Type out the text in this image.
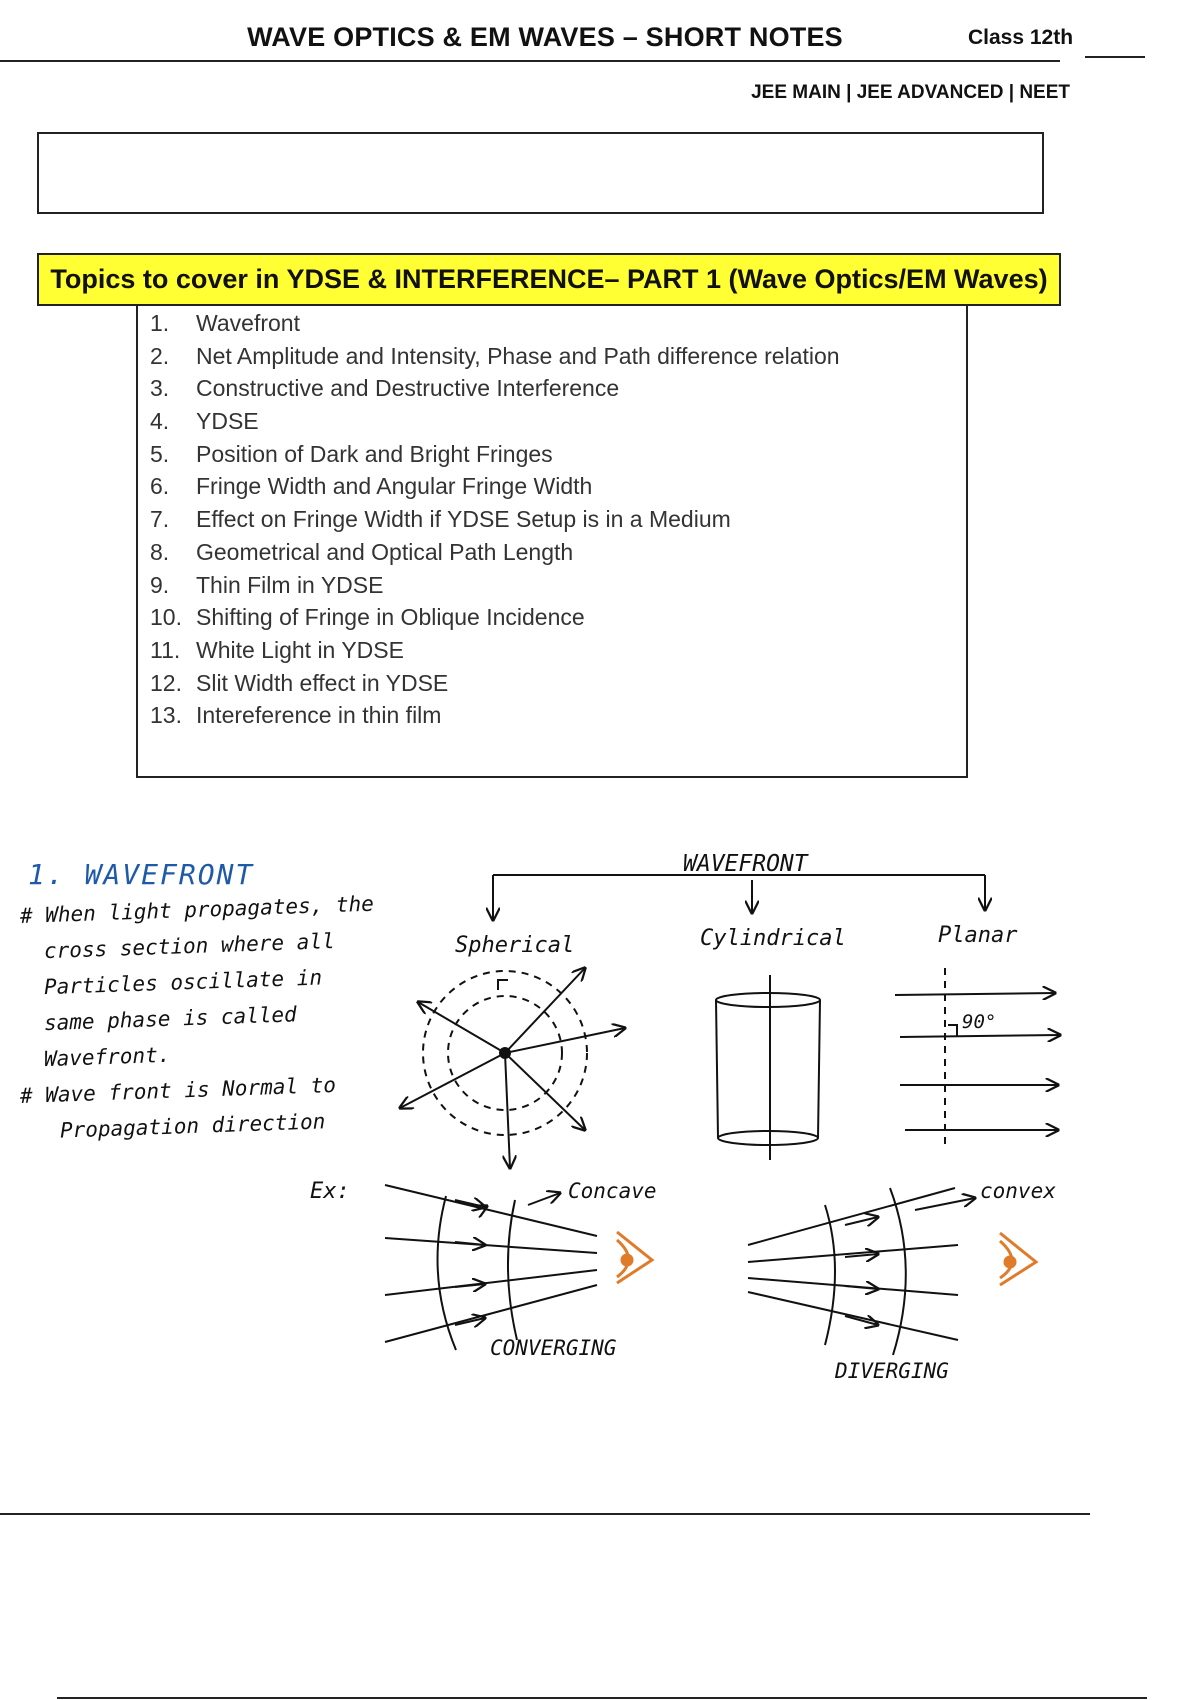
WAVE OPTICS & EM WAVES – SHORT NOTES	Class 12th
JEE MAIN | JEE ADVANCED | NEET
Topics to cover in YDSE & INTERFERENCE– PART 1 (Wave Optics/EM Waves)
1. Wavefront
2. Net Amplitude and Intensity, Phase and Path difference relation
3. Constructive and Destructive Interference
4. YDSE
5. Position of Dark and Bright Fringes
6. Fringe Width and Angular Fringe Width
7. Effect on Fringe Width if YDSE Setup is in a Medium
8. Geometrical and Optical Path Length
9. Thin Film in YDSE
10. Shifting of Fringe in Oblique Incidence
11. White Light in YDSE
12. Slit Width effect in YDSE
13. Intereference in thin film
1. WAVEFRONT
# When light propagates, the
cross section where all
Particles oscillate in
same phase is called
Wavefront.
# Wave front is Normal to
Propagation direction
WAVEFRONT
Spherical	Cylindrical	Planar
90°
Ex:	Concave
CONVERGING
convex
DIVERGING
